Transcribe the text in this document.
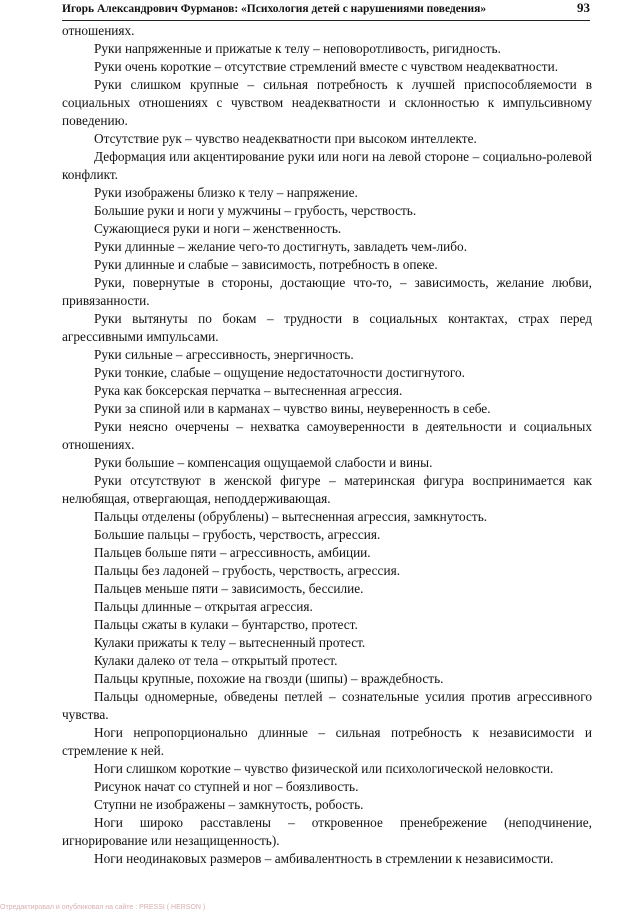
Игорь Александрович Фурманов: «Психология детей с нарушениями поведения»	93

отношениях.

Руки напряженные и прижатые к телу – неповоротливость, ригидность.

Руки очень короткие – отсутствие стремлений вместе с чувством неадекватности.

Руки слишком крупные – сильная потребность к лучшей приспособляемости в социальных отношениях с чувством неадекватности и склонностью к импульсивному поведению.

Отсутствие рук – чувство неадекватности при высоком интеллекте.

Деформация или акцентирование руки или ноги на левой стороне – социально-ролевой конфликт.

Руки изображены близко к телу – напряжение.

Большие руки и ноги у мужчины – грубость, черствость.

Сужающиеся руки и ноги – женственность.

Руки длинные – желание чего-то достигнуть, завладеть чем-либо.

Руки длинные и слабые – зависимость, потребность в опеке.

Руки, повернутые в стороны, достающие что-то, – зависимость, желание любви, привязанности.

Руки вытянуты по бокам – трудности в социальных контактах, страх перед агрессивными импульсами.

Руки сильные – агрессивность, энергичность.

Руки тонкие, слабые – ощущение недостаточности достигнутого.

Рука как боксерская перчатка – вытесненная агрессия.

Руки за спиной или в карманах – чувство вины, неуверенность в себе.

Руки неясно очерчены – нехватка самоуверенности в деятельности и социальных отношениях.

Руки большие – компенсация ощущаемой слабости и вины.

Руки отсутствуют в женской фигуре – материнская фигура воспринимается как нелюбящая, отвергающая, неподдерживающая.

Пальцы отделены (обрублены) – вытесненная агрессия, замкнутость.

Большие пальцы – грубость, черствость, агрессия.

Пальцев больше пяти – агрессивность, амбиции.

Пальцы без ладоней – грубость, черствость, агрессия.

Пальцев меньше пяти – зависимость, бессилие.

Пальцы длинные – открытая агрессия.

Пальцы сжаты в кулаки – бунтарство, протест.

Кулаки прижаты к телу – вытесненный протест.

Кулаки далеко от тела – открытый протест.

Пальцы крупные, похожие на гвозди (шипы) – враждебность.

Пальцы одномерные, обведены петлей – сознательные усилия против агрессивного чувства.

Ноги непропорционально длинные – сильная потребность к независимости и стремление к ней.

Ноги слишком короткие – чувство физической или психологической неловкости.

Рисунок начат со ступней и ног – боязливость.

Ступни не изображены – замкнутость, робость.

Ноги широко расставлены – откровенное пренебрежение (неподчинение, игнорирование или незащищенность).

Ноги неодинаковых размеров – амбивалентность в стремлении к независимости.

Отредактировал и опубликовал на сайте : PRESSI ( HERSON )
